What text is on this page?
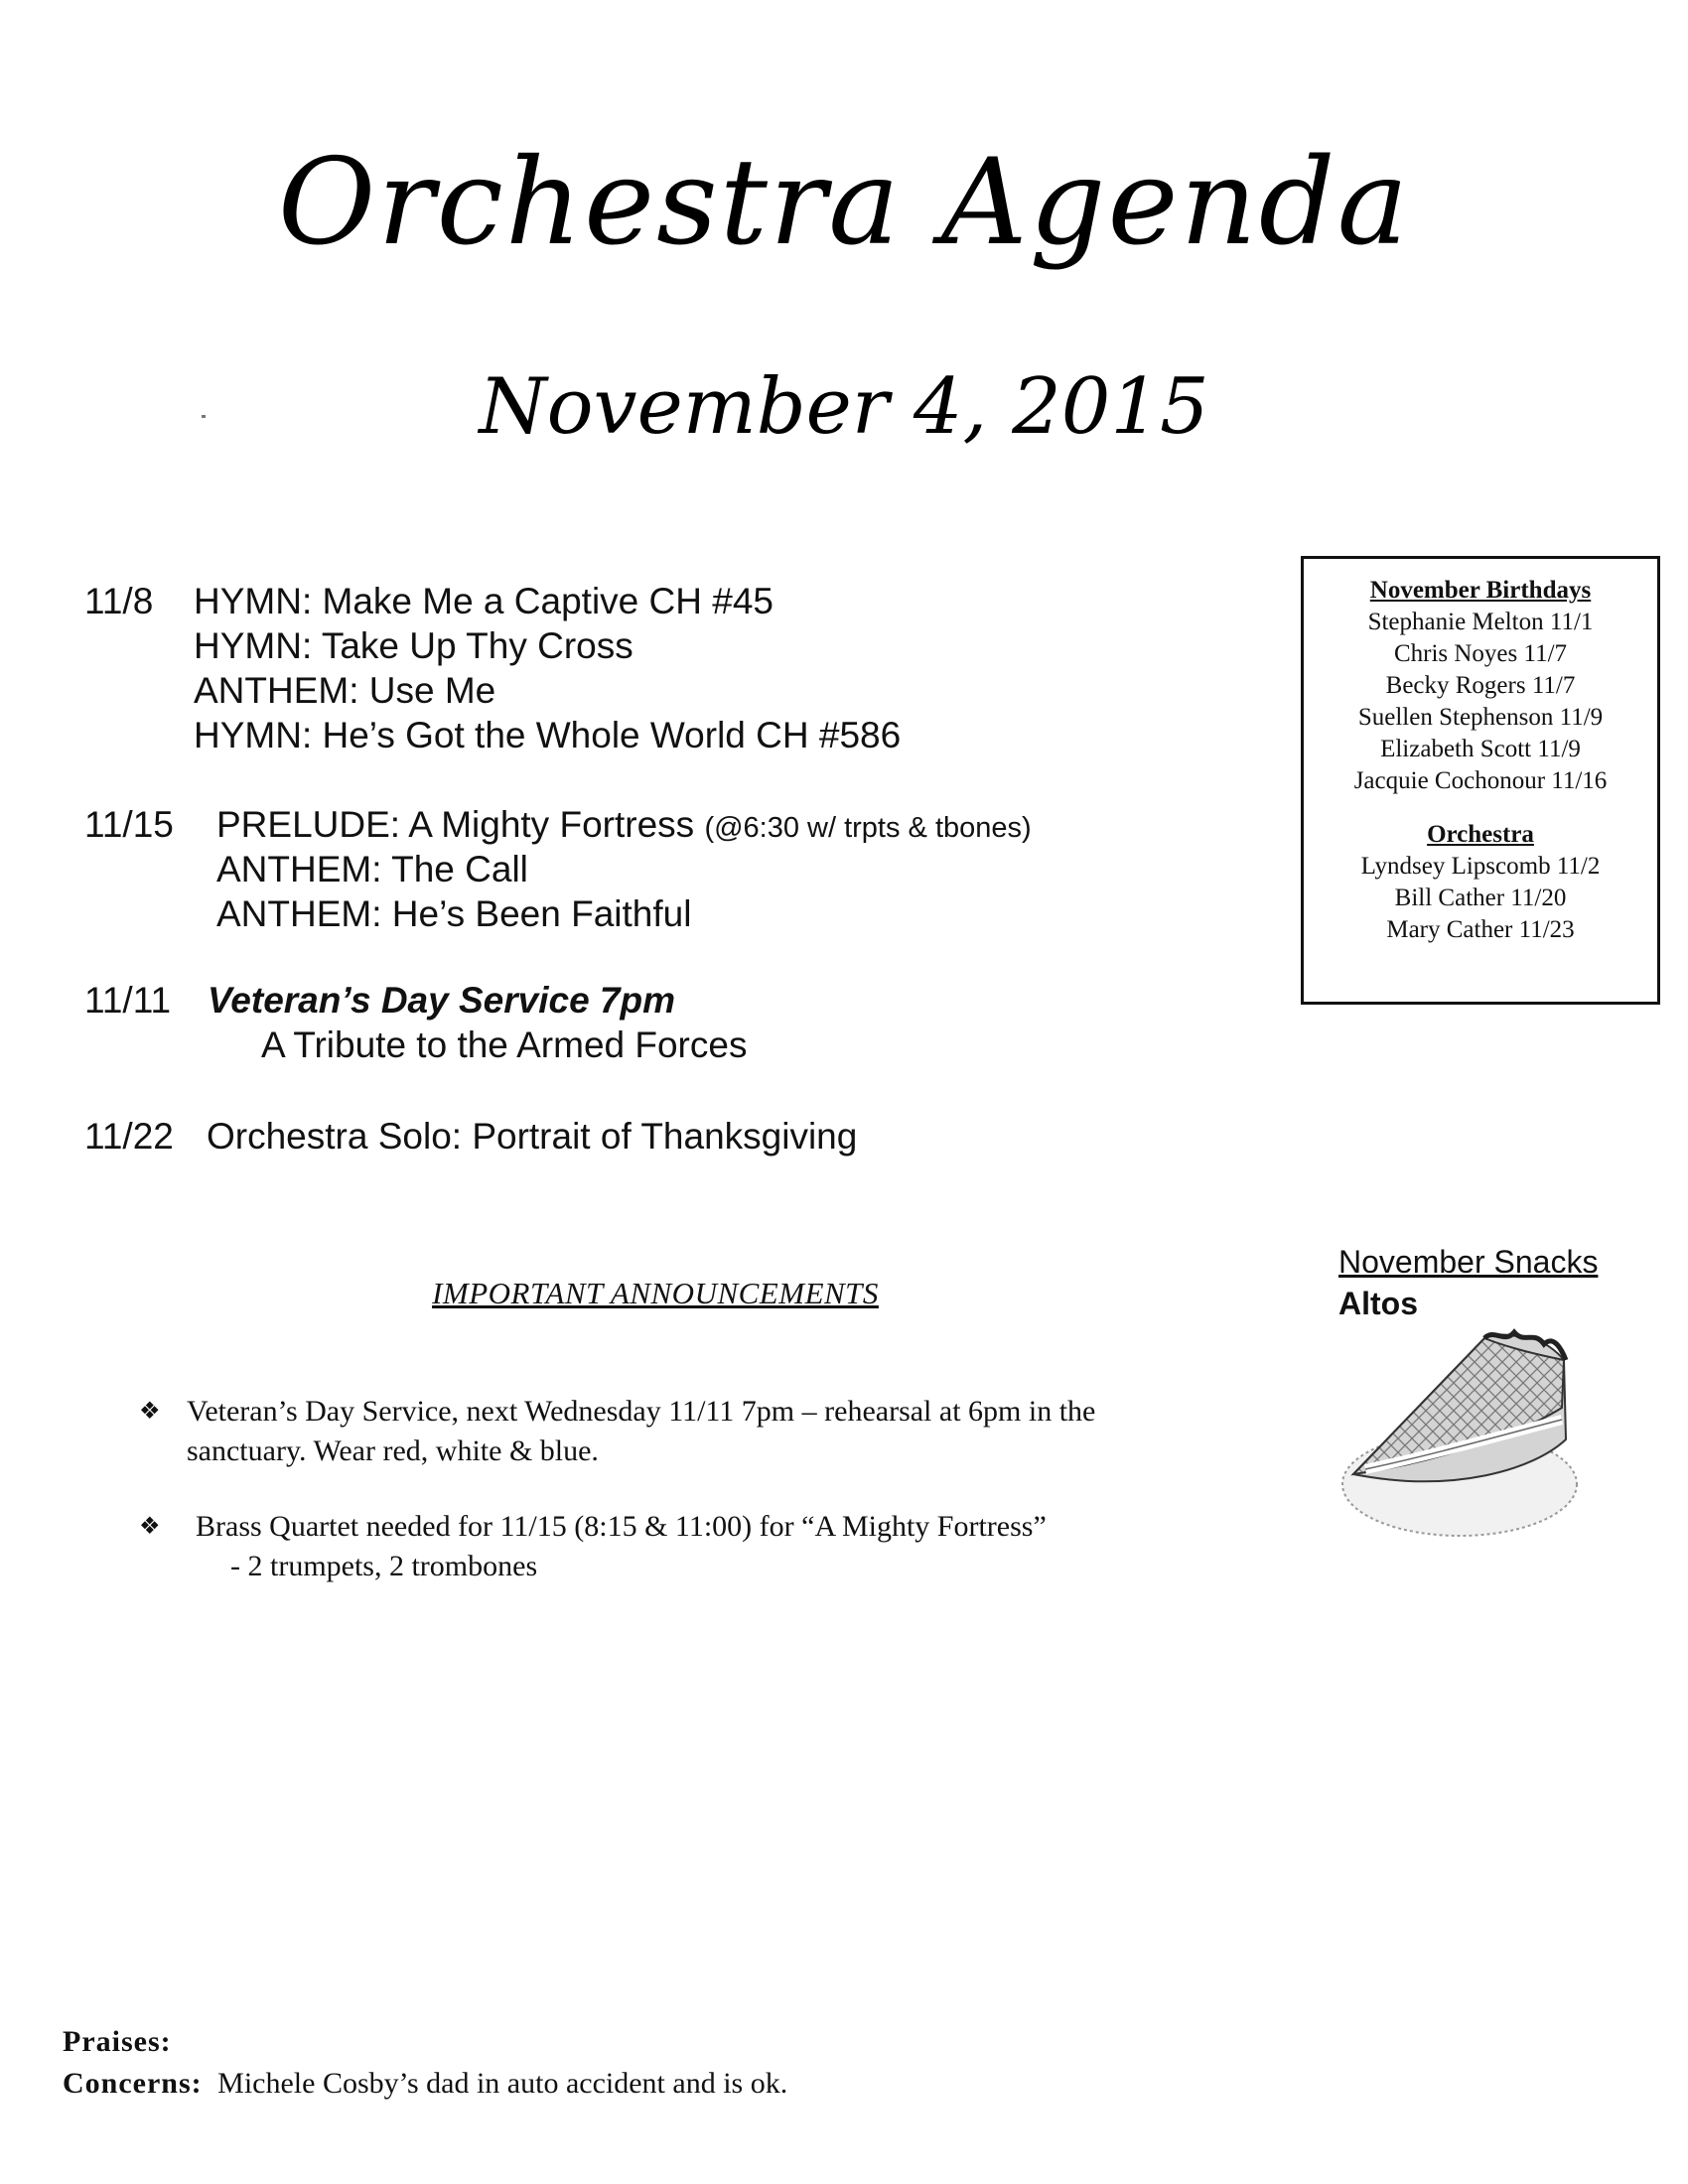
Orchestra Agenda
November 4, 2015
11/8 HYMN: Make Me a Captive CH #45
HYMN: Take Up Thy Cross
ANTHEM: Use Me
HYMN: He’s Got the Whole World CH #586
11/15 PRELUDE: A Mighty Fortress (@6:30 w/ trpts & tbones)
ANTHEM: The Call
ANTHEM: He’s Been Faithful
11/11 Veteran’s Day Service 7pm
A Tribute to the Armed Forces
11/22 Orchestra Solo: Portrait of Thanksgiving
November Birthdays
Stephanie Melton 11/1
Chris Noyes 11/7
Becky Rogers 11/7
Suellen Stephenson 11/9
Elizabeth Scott 11/9
Jacquie Cochonour 11/16
Orchestra
Lyndsey Lipscomb 11/2
Bill Cather 11/20
Mary Cather 11/23
November Snacks
Altos
IMPORTANT ANNOUNCEMENTS
❖ Veteran’s Day Service, next Wednesday 11/11 7pm – rehearsal at 6pm in the
sanctuary. Wear red, white & blue.
❖ Brass Quartet needed for 11/15 (8:15 & 11:00) for “A Mighty Fortress”
- 2 trumpets, 2 trombones
Praises:
Concerns: Michele Cosby’s dad in auto accident and is ok.
